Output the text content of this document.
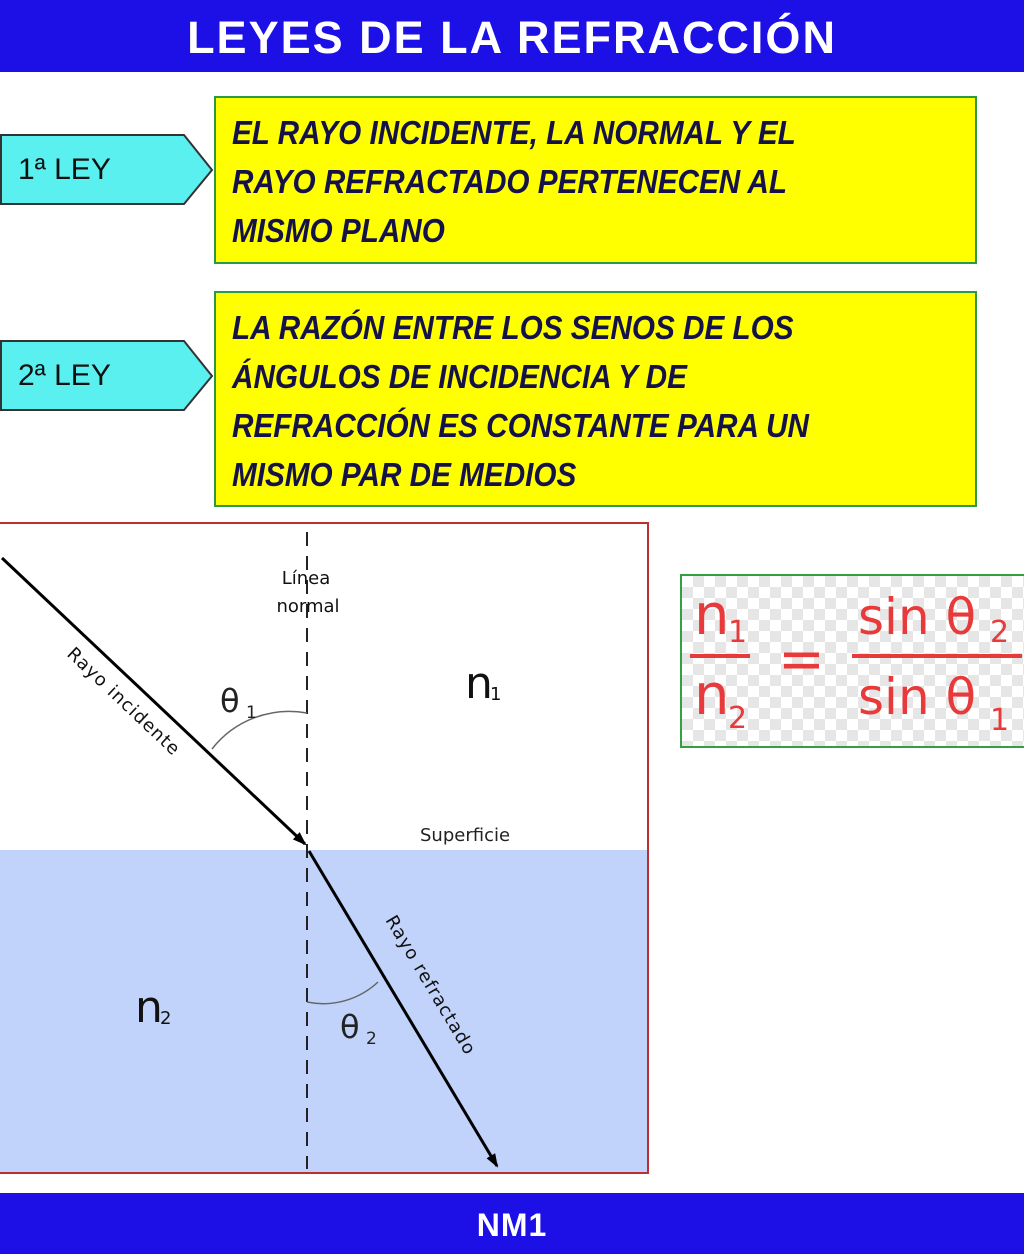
LEYES DE LA REFRACCIÓN
1ª LEY
EL RAYO INCIDENTE, LA NORMAL Y EL
RAYO REFRACTADO PERTENECEN AL
MISMO PLANO
2ª LEY
LA RAZÓN ENTRE LOS SENOS DE LOS
ÁNGULOS DE INCIDENCIA Y DE
REFRACCIÓN ES CONSTANTE PARA UN
MISMO PAR DE MEDIOS
Línea
normal
Rayo incidente
Rayo refractado
Superficie
θ 1
θ 2
n
1
n
2
n
1
n
2
=
sin θ 2
sin θ 1
NM1
